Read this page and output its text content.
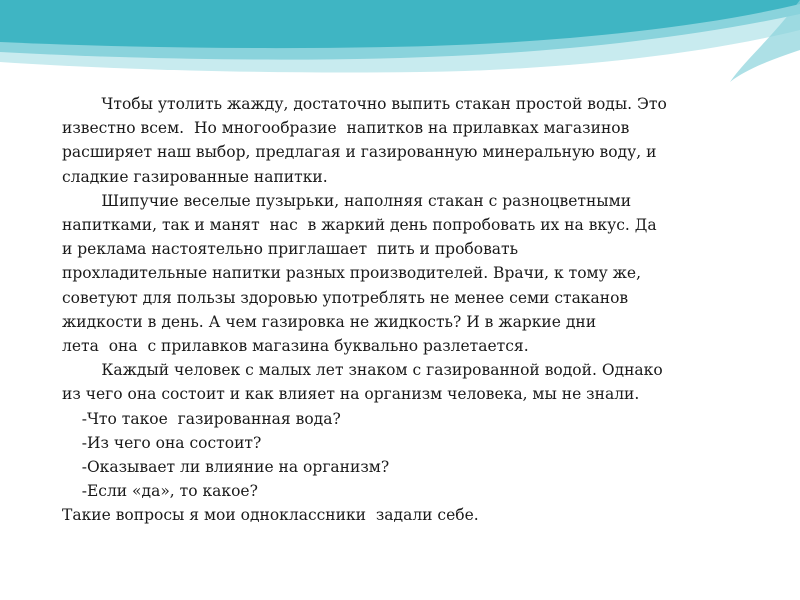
Чтобы утолить жажду, достаточно выпить стакан простой воды. Это
известно всем.  Но многообразие  напитков на прилавках магазинов
расширяет наш выбор, предлагая и газированную минеральную воду, и
сладкие газированные напитки.
Шипучие веселые пузырьки, наполняя стакан с разноцветными
напитками, так и манят  нас  в жаркий день попробовать их на вкус. Да
и реклама настоятельно приглашает  пить и пробовать
прохладительные напитки разных производителей. Врачи, к тому же,
советуют для пользы здоровью употреблять не менее семи стаканов
жидкости в день. А чем газировка не жидкость? И в жаркие дни
лета  она  с прилавков магазина буквально разлетается.
Каждый человек с малых лет знаком с газированной водой. Однако
из чего она состоит и как влияет на организм человека, мы не знали.
-Что такое  газированная вода?
-Из чего она состоит?
-Оказывает ли влияние на организм?
-Если «да», то какое?
Такие вопросы я мои одноклассники  задали себе.
